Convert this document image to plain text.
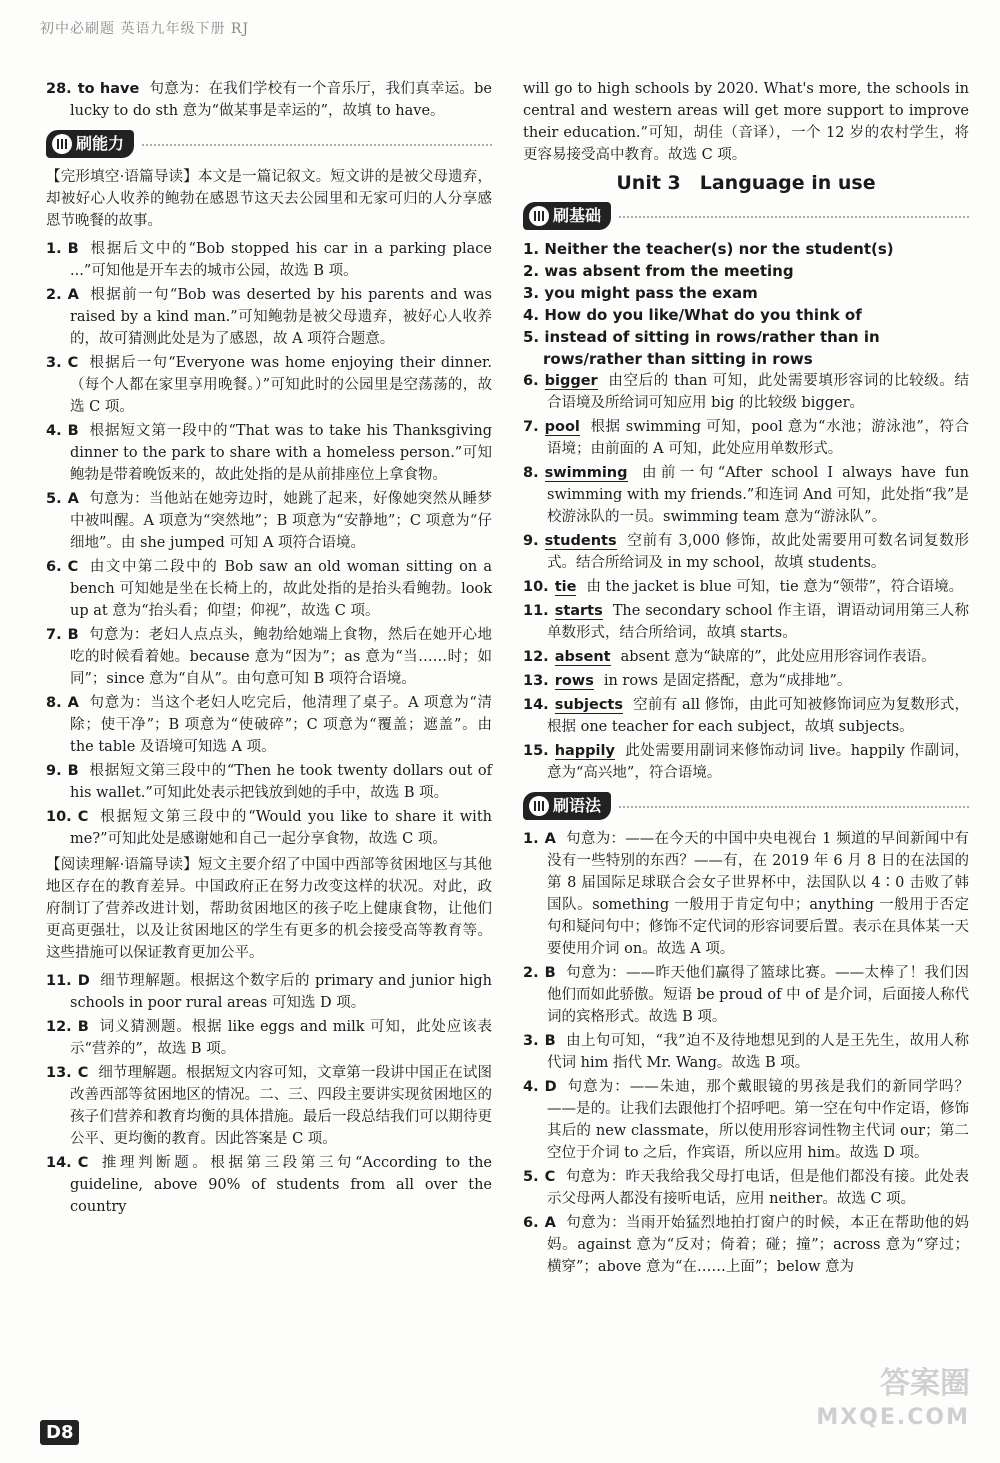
初中必刷题 英语九年级下册 RJ
28. to have 句意为：在我们学校有一个音乐厅，我们真幸运。be lucky to do sth 意为“做某事是幸运的”，故填 to have。
刷能力
【完形填空·语篇导读】本文是一篇记叙文。短文讲的是被父母遗弃，却被好心人收养的鲍勃在感恩节这天去公园里和无家可归的人分享感恩节晚餐的故事。
1. B 根据后文中的“Bob stopped his car in a parking place ...”可知他是开车去的城市公园，故选 B 项。
2. A 根据前一句“Bob was deserted by his parents and was raised by a kind man.”可知鲍勃是被父母遗弃，被好心人收养的，故可猜测此处是为了感恩，故 A 项符合题意。
3. C 根据后一句“Everyone was home enjoying their dinner.（每个人都在家里享用晚餐。）”可知此时的公园里是空荡荡的，故选 C 项。
4. B 根据短文第一段中的“That was to take his Thanksgiving dinner to the park to share with a homeless person.”可知鲍勃是带着晚饭来的，故此处指的是从前排座位上拿食物。
5. A 句意为：当他站在她旁边时，她跳了起来，好像她突然从睡梦中被叫醒。A 项意为“突然地”；B 项意为“安静地”；C 项意为“仔细地”。由 she jumped 可知 A 项符合语境。
6. C 由文中第二段中的 Bob saw an old woman sitting on a bench 可知她是坐在长椅上的，故此处指的是抬头看鲍勃。look up at 意为“抬头看；仰望；仰视”，故选 C 项。
7. B 句意为：老妇人点点头，鲍勃给她端上食物，然后在她开心地吃的时候看着她。because 意为“因为”；as 意为“当……时；如同”；since 意为“自从”。由句意可知 B 项符合语境。
8. A 句意为：当这个老妇人吃完后，他清理了桌子。A 项意为“清除；使干净”；B 项意为“使破碎”；C 项意为“覆盖；遮盖”。由 the table 及语境可知选 A 项。
9. B 根据短文第三段中的“Then he took twenty dollars out of his wallet.”可知此处表示把钱放到她的手中，故选 B 项。
10. C 根据短文第三段中的“Would you like to share it with me?”可知此处是感谢她和自己一起分享食物，故选 C 项。
【阅读理解·语篇导读】短文主要介绍了中国中西部等贫困地区与其他地区存在的教育差异。中国政府正在努力改变这样的状况。对此，政府制订了营养改进计划，帮助贫困地区的孩子吃上健康食物，让他们更高更强壮，以及让贫困地区的学生有更多的机会接受高等教育等。这些措施可以保证教育更加公平。
11. D 细节理解题。根据这个数字后的 primary and junior high schools in poor rural areas 可知选 D 项。
12. B 词义猜测题。根据 like eggs and milk 可知，此处应该表示“营养的”，故选 B 项。
13. C 细节理解题。根据短文内容可知，文章第一段讲中国正在试图改善西部等贫困地区的情况。二、三、四段主要讲实现贫困地区的孩子们营养和教育均衡的具体措施。最后一段总结我们可以期待更公平、更均衡的教育。因此答案是 C 项。
14. C 推理判断题。根据第三段第三句“According to the guideline, above 90% of students from all over the country
will go to high schools by 2020. What's more, the schools in central and western areas will get more support to improve their education.”可知，胡佳（音译），一个 12 岁的农村学生，将更容易接受高中教育。故选 C 项。
Unit 3　Language in use
刷基础
1. Neither the teacher(s) nor the student(s)
2. was absent from the meeting
3. you might pass the exam
4. How do you like/What do you think of
5. instead of sitting in rows/rather than in rows/rather than sitting in rows
6. bigger 由空后的 than 可知，此处需要填形容词的比较级。结合语境及所给词可知应用 big 的比较级 bigger。
7. pool 根据 swimming 可知，pool 意为“水池；游泳池”，符合语境；由前面的 A 可知，此处应用单数形式。
8. swimming 由前一句“After school I always have fun swimming with my friends.”和连词 And 可知，此处指“我”是校游泳队的一员。swimming team 意为“游泳队”。
9. students 空前有 3,000 修饰，故此处需要用可数名词复数形式。结合所给词及 in my school，故填 students。
10. tie 由 the jacket is blue 可知，tie 意为“领带”，符合语境。
11. starts The secondary school 作主语，谓语动词用第三人称单数形式，结合所给词，故填 starts。
12. absent absent 意为“缺席的”，此处应用形容词作表语。
13. rows in rows 是固定搭配，意为“成排地”。
14. subjects 空前有 all 修饰，由此可知被修饰词应为复数形式，根据 one teacher for each subject，故填 subjects。
15. happily 此处需要用副词来修饰动词 live。happily 作副词，意为“高兴地”，符合语境。
刷语法
1. A 句意为：——在今天的中国中央电视台 1 频道的早间新闻中有没有一些特别的东西？——有，在 2019 年 6 月 8 日的在法国的第 8 届国际足球联合会女子世界杯中，法国队以 4∶0 击败了韩国队。something 一般用于肯定句中；anything 一般用于否定句和疑问句中；修饰不定代词的形容词要后置。表示在具体某一天要使用介词 on。故选 A 项。
2. B 句意为：——昨天他们赢得了篮球比赛。——太棒了！我们因他们而如此骄傲。短语 be proud of 中 of 是介词，后面接人称代词的宾格形式。故选 B 项。
3. B 由上句可知，“我”迫不及待地想见到的人是王先生，故用人称代词 him 指代 Mr. Wang。故选 B 项。
4. D 句意为：——朱迪，那个戴眼镜的男孩是我们的新同学吗？——是的。让我们去跟他打个招呼吧。第一空在句中作定语，修饰其后的 new classmate，所以使用形容词性物主代词 our；第二空位于介词 to 之后，作宾语，所以应用 him。故选 D 项。
5. C 句意为：昨天我给我父母打电话，但是他们都没有接。此处表示父母两人都没有接听电话，应用 neither。故选 C 项。
6. A 句意为：当雨开始猛烈地拍打窗户的时候，本正在帮助他的妈妈。against 意为“反对；倚着；碰；撞”；across 意为“穿过；横穿”；above 意为“在……上面”；below 意为
D8
答案圈
MXQE.COM
